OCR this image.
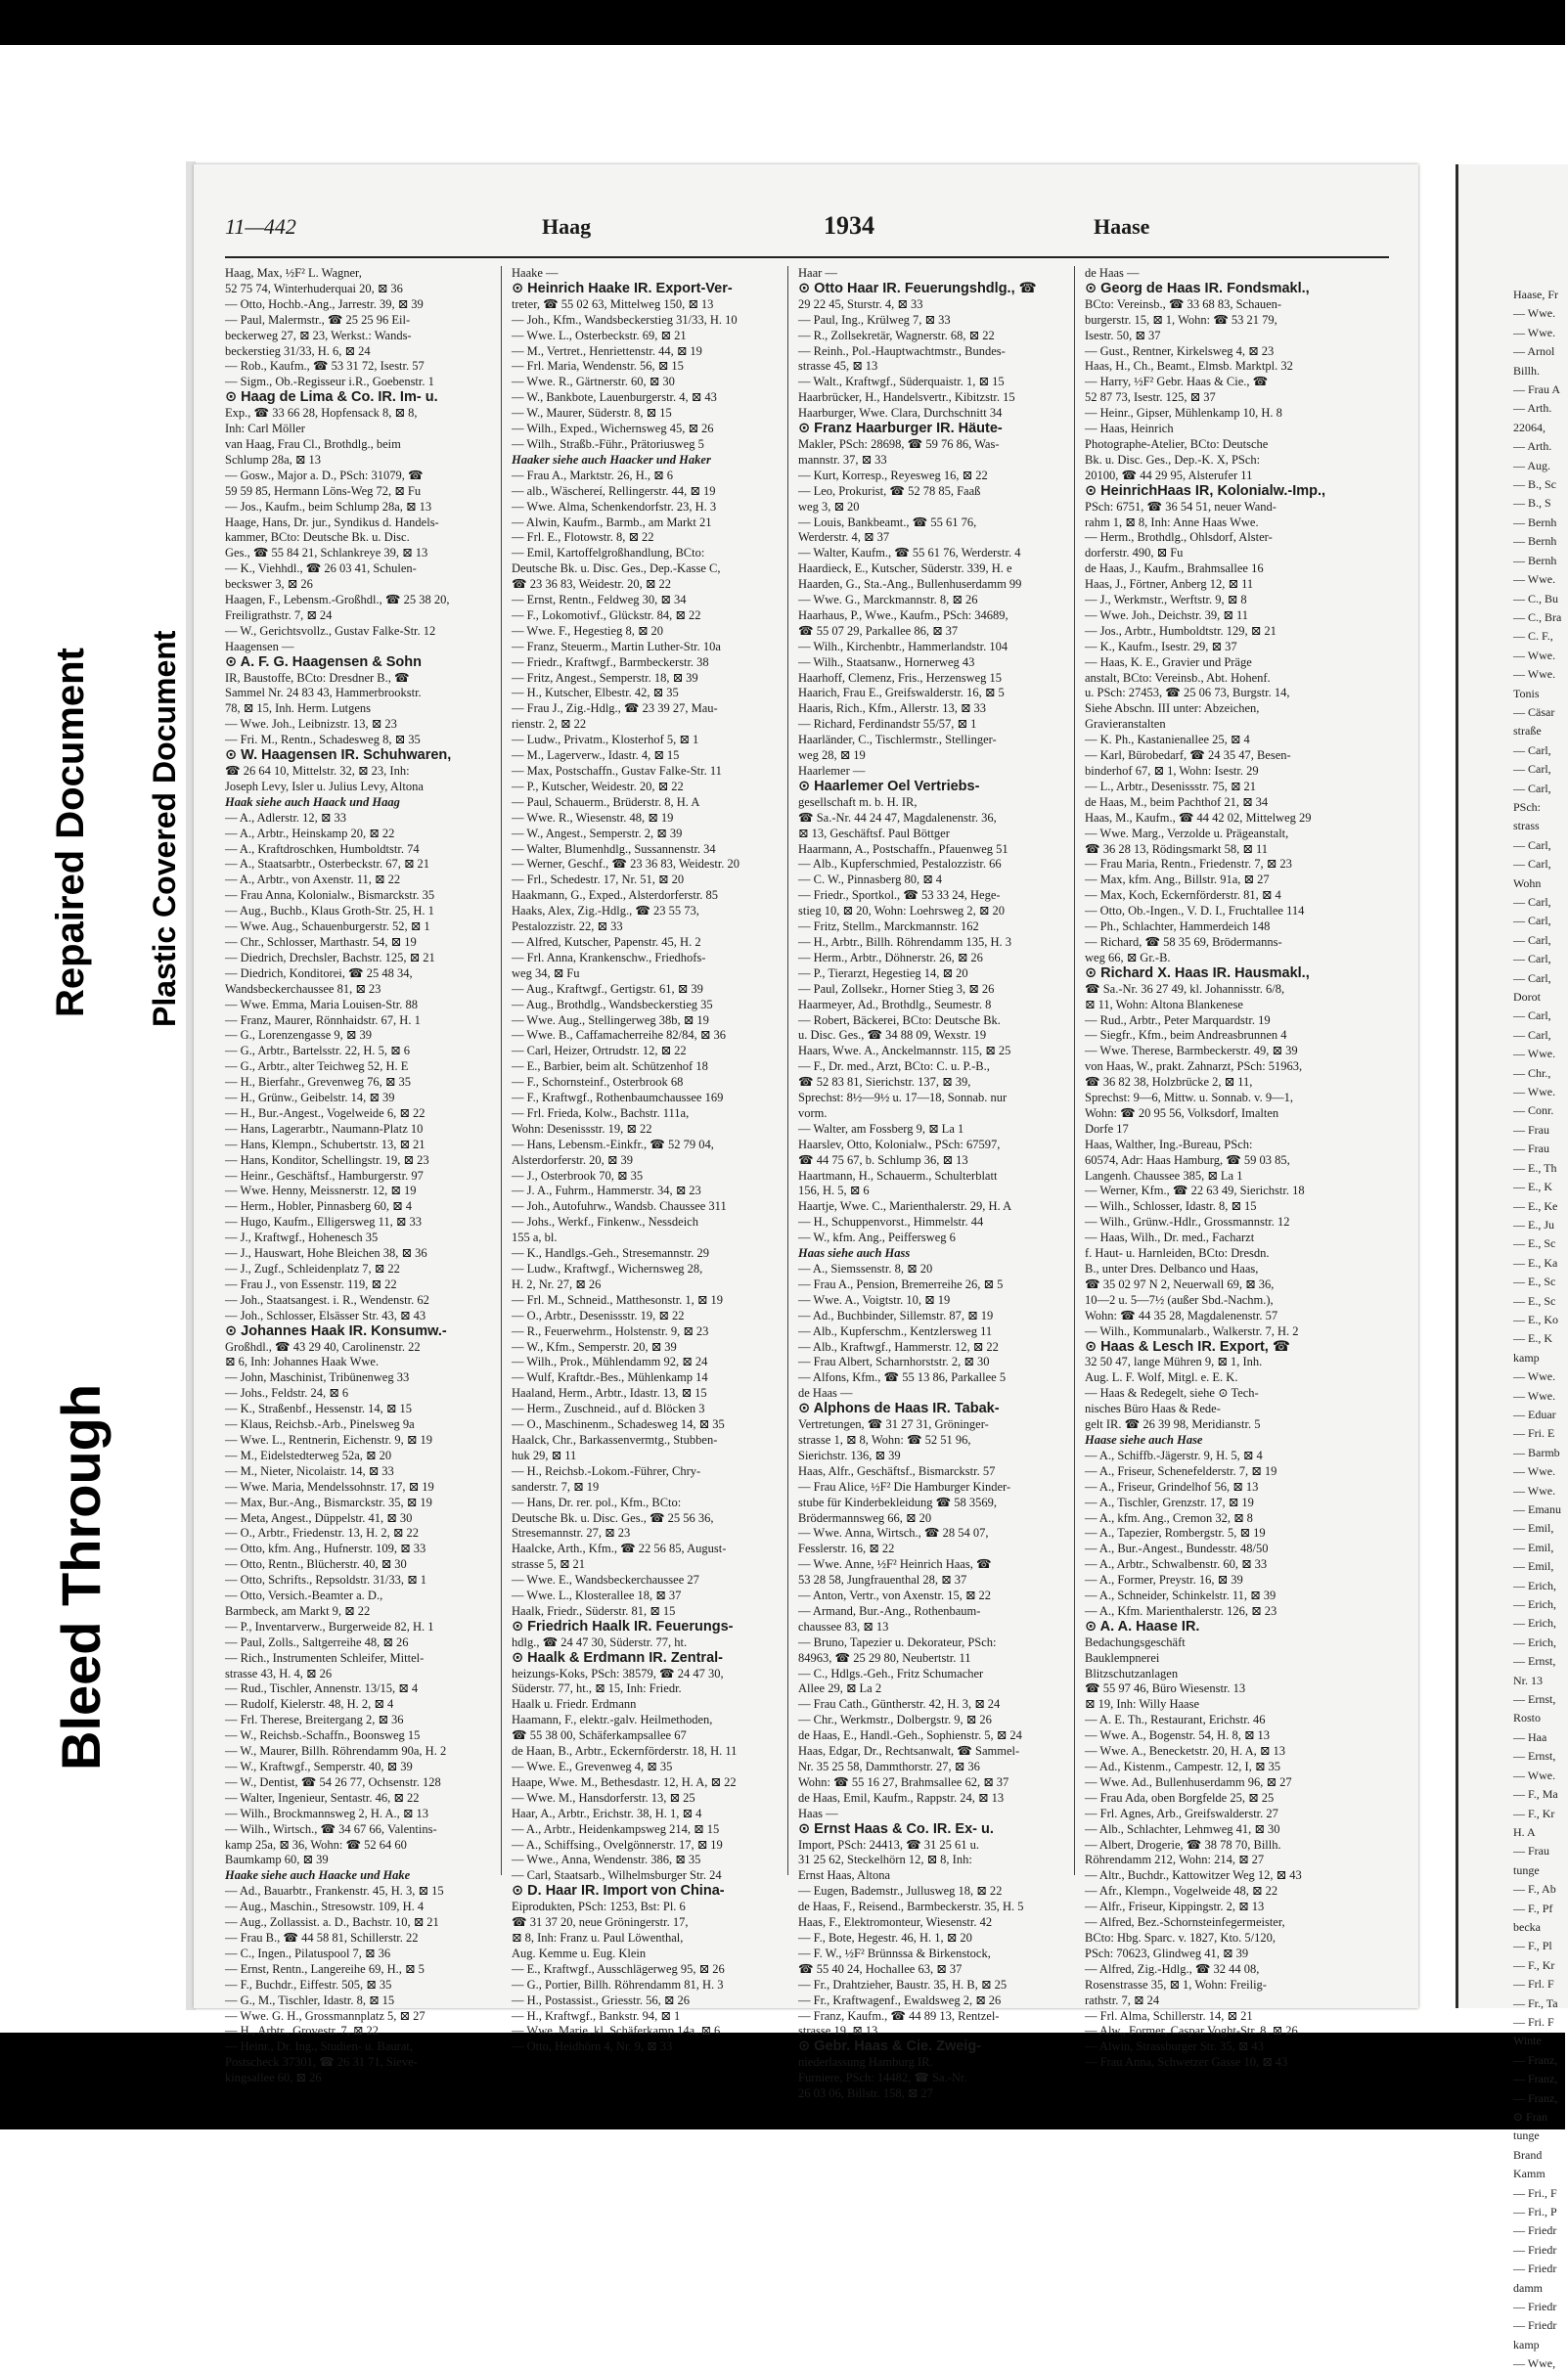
Bleed Through
Repaired Document Plastic Covered Document
11—442	Haag	1934	Haase
Haag, Max, ½F² L. Wagner,
52 75 74, Winterhuderquai 20, ⊠ 36
— Otto, Hochb.-Ang., Jarrestr. 39, ⊠ 39
— Paul, Malermstr., ☎ 25 25 96 Eil-
beckerweg 27, ⊠ 23, Werkst.: Wands-
beckerstieg 31/33, H. 6, ⊠ 24
— Rob., Kaufm., ☎ 53 31 72, Isestr. 57
— Sigm., Ob.-Regisseur i.R., Goebenstr. 1
⊙ Haag de Lima & Co. IR. Im- u.
Exp., ☎ 33 66 28, Hopfensack 8, ⊠ 8,
Inh: Carl Möller
van Haag, Frau Cl., Brothdlg., beim
Schlump 28a, ⊠ 13
— Gosw., Major a. D., PSch: 31079, ☎
59 59 85, Hermann Löns-Weg 72, ⊠ Fu
— Jos., Kaufm., beim Schlump 28a, ⊠ 13
Haage, Hans, Dr. jur., Syndikus d. Handels-
kammer, BCto: Deutsche Bk. u. Disc.
Ges., ☎ 55 84 21, Schlankreye 39, ⊠ 13
— K., Viehhdl., ☎ 26 03 41, Schulen-
beckswег 3, ⊠ 26
Haagen, F., Lebensm.-Großhdl., ☎ 25 38 20,
Freiligrathstr. 7, ⊠ 24
— W., Gerichtsvollz., Gustav Falke-Str. 12
Haagensen —
⊙ A. F. G. Haagensen & Sohn
IR, Baustoffe, BCto: Dresdner B., ☎
Sammel Nr. 24 83 43, Hammerbrookstr.
78, ⊠ 15, Inh. Herm. Lutgens
— Wwe. Joh., Leibnizstr. 13, ⊠ 23
— Fri. M., Rentn., Schadesweg 8, ⊠ 35
⊙ W. Haagensen IR. Schuhwaren,
☎ 26 64 10, Mittelstr. 32, ⊠ 23, Inh:
Joseph Levy, Isler u. Julius Levy, Altona
Haak siehe auch Haack und Haag
— A., Adlerstr. 12, ⊠ 33
— A., Arbtr., Heinskamp 20, ⊠ 22
— A., Kraftdroschken, Humboldtstr. 74
— A., Staatsarbtr., Osterbeckstr. 67, ⊠ 21
— A., Arbtr., von Axenstr. 11, ⊠ 22
— Frau Anna, Kolonialw., Bismarckstr. 35
— Aug., Buchb., Klaus Groth-Str. 25, H. 1
— Wwe. Aug., Schauenburgerstr. 52, ⊠ 1
— Chr., Schlosser, Marthastr. 54, ⊠ 19
— Diedrich, Drechsler, Bachstr. 125, ⊠ 21
— Diedrich, Konditorei, ☎ 25 48 34,
Wandsbeckerchaussee 81, ⊠ 23
— Wwe. Emma, Maria Louisen-Str. 88
— Franz, Maurer, Rönnhaidstr. 67, H. 1
— G., Lorenzengasse 9, ⊠ 39
— G., Arbtr., Bartelsstr. 22, H. 5, ⊠ 6
— G., Arbtr., alter Teichweg 52, H. E
— H., Bierfahr., Grevenweg 76, ⊠ 35
— H., Grünw., Geibelstr. 14, ⊠ 39
— H., Bur.-Angest., Vogelweide 6, ⊠ 22
— Hans, Lagerarbtr., Naumann-Platz 10
— Hans, Klempn., Schubertstr. 13, ⊠ 21
— Hans, Konditor, Schellingstr. 19, ⊠ 23
— Heinr., Geschäftsf., Hamburgerstr. 97
— Wwe. Henny, Meissnerstr. 12, ⊠ 19
— Herm., Hobler, Pinnasberg 60, ⊠ 4
— Hugo, Kaufm., Elligersweg 11, ⊠ 33
— J., Kraftwgf., Hohenesch 35
— J., Hauswart, Hohe Bleichen 38, ⊠ 36
— J., Zugf., Schleidenplatz 7, ⊠ 22
— Frau J., von Essenstr. 119, ⊠ 22
— Joh., Staatsangest. i. R., Wendenstr. 62
— Joh., Schlosser, Elsässer Str. 43, ⊠ 43
⊙ Johannes Haak IR. Konsumw.-
Großhdl., ☎ 43 29 40, Carolinenstr. 22
⊠ 6, Inh: Johannes Haak Wwe.
— John, Maschinist, Tribünenweg 33
— Johs., Feldstr. 24, ⊠ 6
— K., Straßenbf., Hessenstr. 14, ⊠ 15
— Klaus, Reichsb.-Arb., Pinelsweg 9a
— Wwe. L., Rentnerin, Eichenstr. 9, ⊠ 19
— M., Eidelstedterweg 52a, ⊠ 20
— M., Nieter, Nicolaistr. 14, ⊠ 33
— Wwe. Maria, Mendelssohnstr. 17, ⊠ 19
— Max, Bur.-Ang., Bismarckstr. 35, ⊠ 19
— Meta, Angest., Düppelstr. 41, ⊠ 30
— O., Arbtr., Friedenstr. 13, H. 2, ⊠ 22
— Otto, kfm. Ang., Hufnerstr. 109, ⊠ 33
— Otto, Rentn., Blücherstr. 40, ⊠ 30
— Otto, Schrifts., Repsoldstr. 31/33, ⊠ 1
— Otto, Versich.-Beamter a. D.,
Barmbeck, am Markt 9, ⊠ 22
— P., Inventarverw., Burgerweide 82, H. 1
— Paul, Zolls., Saltgerreihe 48, ⊠ 26
— Rich., Instrumenten Schleifer, Mittel-
strasse 43, H. 4, ⊠ 26
— Rud., Tischler, Annenstr. 13/15, ⊠ 4
— Rudolf, Kielerstr. 48, H. 2, ⊠ 4
— Frl. Therese, Breitergang 2, ⊠ 36
— W., Reichsb.-Schaffn., Boonsweg 15
— W., Maurer, Billh. Röhrendamm 90a, H. 2
— W., Kraftwgf., Semperstr. 40, ⊠ 39
— W., Dentist, ☎ 54 26 77, Ochsenstr. 128
— Walter, Ingenieur, Sentastr. 46, ⊠ 22
— Wilh., Brockmannsweg 2, H. A., ⊠ 13
— Wilh., Wirtsch., ☎ 34 67 66, Valentins-
kamp 25a, ⊠ 36, Wohn: ☎ 52 64 60
Baumkamp 60, ⊠ 39
Haake siehe auch Haacke und Hake
— Ad., Bauarbtr., Frankenstr. 45, H. 3, ⊠ 15
— Aug., Maschin., Stresowstr. 109, H. 4
— Aug., Zollassist. a. D., Bachstr. 10, ⊠ 21
— Frau B., ☎ 44 58 81, Schillerstr. 22
— C., Ingen., Pilatuspool 7, ⊠ 36
— Ernst, Rentn., Langereihe 69, H., ⊠ 5
— F., Buchdr., Eiffestr. 505, ⊠ 35
— G., M., Tischler, Idastr. 8, ⊠ 15
— Wwe. G. H., Grossmannplatz 5, ⊠ 27
— H., Arbtr., Grovestr. 7, ⊠ 22
— Heinr., Dr. Ing., Studien- u. Baurat,
Postscheck 37301, ☎ 26 31 71, Sieve-
kingsallee 60, ⊠ 26
Haake —
⊙ Heinrich Haake IR. Export-Ver-
treter, ☎ 55 02 63, Mittelweg 150, ⊠ 13
— Joh., Kfm., Wandsbeckerstieg 31/33, H. 10
— Wwe. L., Osterbeckstr. 69, ⊠ 21
— M., Vertret., Henriettenstr. 44, ⊠ 19
— Frl. Maria, Wendenstr. 56, ⊠ 15
— Wwe. R., Gärtnerstr. 60, ⊠ 30
— W., Bankbote, Lauenburgerstr. 4, ⊠ 43
— W., Maurer, Süderstr. 8, ⊠ 15
— Wilh., Exped., Wichernsweg 45, ⊠ 26
— Wilh., Straßb.-Führ., Prätoriusweg 5
Haaker siehe auch Haacker und Haker
— Frau A., Marktstr. 26, H., ⊠ 6
— alb., Wäschereí, Rellingerstr. 44, ⊠ 19
— Wwe. Alma, Schenkendorfstr. 23, H. 3
— Alwin, Kaufm., Barmb., am Markt 21
— Frl. E., Flotowstr. 8, ⊠ 22
— Emil, Kartoffelgroßhandlung, BCto:
Deutsche Bk. u. Disc. Ges., Dep.-Kasse C,
☎ 23 36 83, Weidestr. 20, ⊠ 22
— Ernst, Rentn., Feldweg 30, ⊠ 34
— F., Lokomotivf., Glückstr. 84, ⊠ 22
— Wwe. F., Hegestieg 8, ⊠ 20
— Franz, Steuerm., Martin Luther-Str. 10a
— Friedr., Kraftwgf., Barmbeckerstr. 38
— Fritz, Angest., Semperstr. 18, ⊠ 39
— H., Kutscher, Elbestr. 42, ⊠ 35
— Frau J., Zig.-Hdlg., ☎ 23 39 27, Mau-
rienstr. 2, ⊠ 22
— Ludw., Privatm., Klosterhof 5, ⊠ 1
— M., Lagerverw., Idastr. 4, ⊠ 15
— Max, Postschaffn., Gustav Falke-Str. 11
— P., Kutscher, Weidestr. 20, ⊠ 22
— Paul, Schauerm., Brüderstr. 8, H. A
— Wwe. R., Wiesenstr. 48, ⊠ 19
— W., Angest., Semperstr. 2, ⊠ 39
— Walter, Blumenhdlg., Sussannenstr. 34
— Werner, Geschf., ☎ 23 36 83, Weidestr. 20
— Frl., Schedestr. 17, Nr. 51, ⊠ 20
Haakmann, G., Exped., Alsterdorferstr. 85
Haaks, Alex, Zig.-Hdlg., ☎ 23 55 73,
Pestalozzistr. 22, ⊠ 33
— Alfred, Kutscher, Papenstr. 45, H. 2
— Frl. Anna, Krankenschw., Friedhofs-
weg 34, ⊠ Fu
— Aug., Kraftwgf., Gertigstr. 61, ⊠ 39
— Aug., Brothdlg., Wandsbeckerstieg 35
— Wwe. Aug., Stellingerweg 38b, ⊠ 19
— Wwe. B., Caffamacherreihe 82/84, ⊠ 36
— Carl, Heizer, Ortrudstr. 12, ⊠ 22
— E., Barbier, beim alt. Schützenhof 18
— F., Schornsteinf., Osterbrook 68
— F., Kraftwgf., Rothenbaumchaussee 169
— Frl. Frieda, Kolw., Bachstr. 111a,
Wohn: Desenissstr. 19, ⊠ 22
— Hans, Lebensm.-Einkfr., ☎ 52 79 04,
Alsterdorferstr. 20, ⊠ 39
— J., Osterbrook 70, ⊠ 35
— J. A., Fuhrm., Hammerstr. 34, ⊠ 23
— Joh., Autofuhrw., Wandsb. Chaussee 311
— Johs., Werkf., Finkenw., Nessdeich
155 a, bl.
— K., Handlgs.-Geh., Stresemannstr. 29
— Ludw., Kraftwgf., Wichernsweg 28,
H. 2, Nr. 27, ⊠ 26
— Frl. M., Schneid., Matthesonstr. 1, ⊠ 19
— O., Arbtr., Desenissstr. 19, ⊠ 22
— R., Feuerwehrm., Holstenstr. 9, ⊠ 23
— W., Kfm., Semperstr. 20, ⊠ 39
— Wilh., Prok., Mühlendamm 92, ⊠ 24
— Wulf, Kraftdr.-Bes., Mühlenkamp 14
Haaland, Herm., Arbtr., Idastr. 13, ⊠ 15
— Herm., Zuschneid., auf d. Blöcken 3
— O., Maschinenm., Schadesweg 14, ⊠ 35
Haalck, Chr., Barkassenvermtg., Stubben-
huk 29, ⊠ 11
— H., Reichsb.-Lokom.-Führer, Chry-
sanderstr. 7, ⊠ 19
— Hans, Dr. rer. pol., Kfm., BCto:
Deutsche Bk. u. Disc. Ges., ☎ 25 56 36,
Stresemannstr. 27, ⊠ 23
Haalcke, Arth., Kfm., ☎ 22 56 85, August-
strasse 5, ⊠ 21
— Wwe. E., Wandsbeckerchaussee 27
— Wwe. L., Klosterallee 18, ⊠ 37
Haalk, Friedr., Süderstr. 81, ⊠ 15
⊙ Friedrich Haalk IR. Feuerungs-
hdlg., ☎ 24 47 30, Süderstr. 77, ht.
⊙ Haalk & Erdmann IR. Zentral-
heizungs-Koks, PSch: 38579, ☎ 24 47 30,
Süderstr. 77, ht., ⊠ 15, Inh: Friedr.
Haalk u. Friedr. Erdmann
Haamann, F., elektr.-galv. Heilmethoden,
☎ 55 38 00, Schäferkampsallee 67
de Haan, B., Arbtr., Eckernförderstr. 18, H. 11
— Wwe. E., Grevenweg 4, ⊠ 35
Haape, Wwe. M., Bethesdastr. 12, H. A, ⊠ 22
— Wwe. M., Hansdorferstr. 13, ⊠ 25
Haar, A., Arbtr., Erichstr. 38, H. 1, ⊠ 4
— A., Arbtr., Heidenkampsweg 214, ⊠ 15
— A., Schiffsing., Ovelgönnerstr. 17, ⊠ 19
— Wwe., Anna, Wendenstr. 386, ⊠ 35
— Carl, Staatsarb., Wilhelmsburger Str. 24
⊙ D. Haar IR. Import von China-
Eiprodukten, PSch: 1253, Bst: Pl. 6
☎ 31 37 20, neue Gröningerstr. 17,
⊠ 8, Inh: Franz u. Paul Löwenthal,
Aug. Kemme u. Eug. Klein
— E., Kraftwgf., Ausschlägerweg 95, ⊠ 26
— G., Portier, Billh. Röhrendamm 81, H. 3
— H., Postassist., Griesstr. 56, ⊠ 26
— H., Kraftwgf., Bankstr. 94, ⊠ 1
— Wwe. Marie, kl. Schäferkamp 14a, ⊠ 6
— Otto, Heidhörn 4, Nr. 9, ⊠ 33
Haar —
⊙ Otto Haar IR. Feuerungshdlg., ☎
29 22 45, Sturstr. 4, ⊠ 33
— Paul, Ing., Krülweg 7, ⊠ 33
— R., Zollsekretär, Wagnerstr. 68, ⊠ 22
— Reinh., Pol.-Hauptwachtmstr., Bundes-
strasse 45, ⊠ 13
— Walt., Kraftwgf., Süderquaistr. 1, ⊠ 15
Haarbrücker, H., Handelsvertr., Kibitzstr. 15
Haarburger, Wwe. Clara, Durchschnitt 34
⊙ Franz Haarburger IR. Häute-
Makler, PSch: 28698, ☎ 59 76 86, Was-
mannstr. 37, ⊠ 33
— Kurt, Korresp., Reyesweg 16, ⊠ 22
— Leo, Prokurist, ☎ 52 78 85, Faaß
weg 3, ⊠ 20
— Louis, Bankbeamt., ☎ 55 61 76,
Werderstr. 4, ⊠ 37
— Walter, Kaufm., ☎ 55 61 76, Werderstr. 4
Haardieck, E., Kutscher, Süderstr. 339, H. e
Haarden, G., Sta.-Ang., Bullenhuserdamm 99
— Wwe. G., Marckmannstr. 8, ⊠ 26
Haarhaus, P., Wwe., Kaufm., PSch: 34689,
☎ 55 07 29, Parkallee 86, ⊠ 37
— Wilh., Kirchenbtr., Hammerlandstr. 104
— Wilh., Staatsanw., Hornerweg 43
Haarhoff, Clemenz, Fris., Herzensweg 15
Haarich, Frau E., Greifswalderstr. 16, ⊠ 5
Haaris, Rich., Kfm., Allerstr. 13, ⊠ 33
— Richard, Ferdinandstr 55/57, ⊠ 1
Haarländer, C., Tischlermstr., Stellinger-
weg 28, ⊠ 19
Haarlemer —
⊙ Haarlemer Oel Vertriebs-
gesellschaft m. b. H. IR,
☎ Sa.-Nr. 44 24 47, Magdalenenstr. 36,
⊠ 13, Geschäftsf. Paul Böttger
Haarmann, A., Postschaffn., Pfauenweg 51
— Alb., Kupferschmied, Pestalozzistr. 66
— C. W., Pinnasberg 80, ⊠ 4
— Friedr., Sportkol., ☎ 53 33 24, Hege-
stieg 10, ⊠ 20, Wohn: Loehrsweg 2, ⊠ 20
— Fritz, Stellm., Marckmannstr. 162
— H., Arbtr., Billh. Röhrendamm 135, H. 3
— Herm., Arbtr., Döhnerstr. 26, ⊠ 26
— P., Tierarzt, Hegestieg 14, ⊠ 20
— Paul, Zollsekr., Horner Stieg 3, ⊠ 26
Haarmeyer, Ad., Brothdlg., Seumestr. 8
— Robert, Bäckerei, BCto: Deutsche Bk.
u. Disc. Ges., ☎ 34 88 09, Wexstr. 19
Haars, Wwe. A., Anckelmannstr. 115, ⊠ 25
— F., Dr. med., Arzt, BCto: C. u. P.-B.,
☎ 52 83 81, Sierichstr. 137, ⊠ 39,
Sprechst: 8½—9½ u. 17—18, Sonnab. nur
vorm.
— Walter, am Fossberg 9, ⊠ La 1
Haarslev, Otto, Kolonialw., PSch: 67597,
☎ 44 75 67, b. Schlump 36, ⊠ 13
Haartmann, H., Schauerm., Schulterblatt
156, H. 5, ⊠ 6
Haartje, Wwe. C., Marienthalerstr. 29, H. A
— H., Schuppenvorst., Himmelstr. 44
— W., kfm. Ang., Peiffersweg 6
Haas siehe auch Hass
— A., Siemssenstr. 8, ⊠ 20
— Frau A., Pension, Bremerreihe 26, ⊠ 5
— Wwe. A., Voigtstr. 10, ⊠ 19
— Ad., Buchbinder, Sillemstr. 87, ⊠ 19
— Alb., Kupferschm., Kentzlersweg 11
— Alb., Kraftwgf., Hammerstr. 12, ⊠ 22
— Frau Albert, Scharnhorststr. 2, ⊠ 30
— Alfons, Kfm., ☎ 55 13 86, Parkallee 5
de Haas —
⊙ Alphons de Haas IR. Tabak-
Vertretungen, ☎ 31 27 31, Gröninger-
strasse 1, ⊠ 8, Wohn: ☎ 52 51 96,
Sierichstr. 136, ⊠ 39
Haas, Alfr., Geschäftsf., Bismarckstr. 57
— Frau Alice, ½F² Die Hamburger Kinder-
stube für Kinderbekleidung ☎ 58 3569,
Brödermannsweg 66, ⊠ 20
— Wwe. Anna, Wirtsch., ☎ 28 54 07,
Fesslerstr. 16, ⊠ 22
— Wwe. Anne, ½F² Heinrich Haas, ☎
53 28 58, Jungfrauenthal 28, ⊠ 37
— Anton, Vertr., von Axenstr. 15, ⊠ 22
— Armand, Bur.-Ang., Rothenbaum-
chaussee 83, ⊠ 13
— Bruno, Tapezier u. Dekorateur, PSch:
84963, ☎ 25 29 80, Neubertstr. 11
— C., Hdlgs.-Geh., Fritz Schumacher
Allee 29, ⊠ La 2
— Frau Cath., Güntherstr. 42, H. 3, ⊠ 24
— Chr., Werkmstr., Dolbergstr. 9, ⊠ 26
de Haas, E., Handl.-Geh., Sophienstr. 5, ⊠ 24
Haas, Edgar, Dr., Rechtsanwalt, ☎ Sammel-
Nr. 35 25 58, Dammthorstr. 27, ⊠ 36
Wohn: ☎ 55 16 27, Brahmsallee 62, ⊠ 37
de Haas, Emil, Kaufm., Rappstr. 24, ⊠ 13
Haas —
⊙ Ernst Haas & Co. IR. Ex- u.
Import, PSch: 24413, ☎ 31 25 61 u.
31 25 62, Steckelhörn 12, ⊠ 8, Inh:
Ernst Haas, Altona
— Eugen, Bademstr., Jullusweg 18, ⊠ 22
de Haas, F., Reisend., Barmbeckerstr. 35, H. 5
Haas, F., Elektromonteur, Wiesenstr. 42
— F., Bote, Hegestr. 46, H. 1, ⊠ 20
— F. W., ½F² Brünnssa & Birkenstock,
☎ 55 40 24, Hochallee 63, ⊠ 37
— Fr., Drahtzieher, Baustr. 35, H. B, ⊠ 25
— Fr., Kraftwagenf., Ewaldsweg 2, ⊠ 26
— Franz, Kaufm., ☎ 44 89 13, Rentzel-
strasse 19, ⊠ 13
⊙ Gebr. Haas & Cie. Zweig-
niederlassung Hamburg IR.
Furniere, PSch: 14482, ☎ Sa.-Nr.
26 03 06, Billstr. 158, ⊠ 27
de Haas —
⊙ Georg de Haas IR. Fondsmakl.,
BCto: Vereinsb., ☎ 33 68 83, Schauen-
burgerstr. 15, ⊠ 1, Wohn: ☎ 53 21 79,
Isestr. 50, ⊠ 37
— Gust., Rentner, Kirkelsweg 4, ⊠ 23
Haas, H., Ch., Beamt., Elmsb. Marktpl. 32
— Harry, ½F² Gebr. Haas & Cie., ☎
52 87 73, Isestr. 125, ⊠ 37
— Heinr., Gipser, Mühlenkamp 10, H. 8
— Haas, Heinrich
Photographe-Atelier, BCto: Deutsche
Bk. u. Disc. Ges., Dep.-K. X, PSch:
20100, ☎ 44 29 95, Alsterufer 11
⊙ HeinrichHaas IR, Kolonialw.-Imp.,
PSch: 6751, ☎ 36 54 51, neuer Wand-
rahm 1, ⊠ 8, Inh: Anne Haas Wwe.
— Herm., Brothdlg., Ohlsdorf, Alster-
dorferstr. 490, ⊠ Fu
de Haas, J., Kaufm., Brahmsallee 16
Haas, J., Förtner, Anberg 12, ⊠ 11
— J., Werkmstr., Werftstr. 9, ⊠ 8
— Wwe. Joh., Deichstr. 39, ⊠ 11
— Jos., Arbtr., Humboldtstr. 129, ⊠ 21
— K., Kaufm., Isestr. 29, ⊠ 37
— Haas, K. E., Gravier und Präge
anstalt, BCto: Vereinsb., Abt. Hohenf.
u. PSch: 27453, ☎ 25 06 73, Burgstr. 14,
Siehe Abschn. III unter: Abzeichen,
Gravieranstalten
— K. Ph., Kastanienallee 25, ⊠ 4
— Karl, Bürobedarf, ☎ 24 35 47, Besen-
binderhof 67, ⊠ 1, Wohn: Isestr. 29
— L., Arbtr., Desenissstr. 75, ⊠ 21
de Haas, M., beim Pachthof 21, ⊠ 34
Haas, M., Kaufm., ☎ 44 42 02, Mittelweg 29
— Wwe. Marg., Verzolde u. Prägeanstalt,
☎ 36 28 13, Rödingsmarkt 58, ⊠ 11
— Frau Maria, Rentn., Friedenstr. 7, ⊠ 23
— Max, kfm. Ang., Billstr. 91a, ⊠ 27
— Max, Koch, Eckernförderstr. 81, ⊠ 4
— Otto, Ob.-Ingen., V. D. I., Fruchtallee 114
— Ph., Schlachter, Hammerdeich 148
— Richard, ☎ 58 35 69, Brödermanns-
weg 66, ⊠ Gr.-B.
⊙ Richard X. Haas IR. Hausmakl.,
☎ Sa.-Nr. 36 27 49, kl. Johannisstr. 6/8,
⊠ 11, Wohn: Altona Blankenese
— Rud., Arbtr., Peter Marquardstr. 19
— Siegfr., Kfm., beim Andreasbrunnen 4
— Wwe. Therese, Barmbeckerstr. 49, ⊠ 39
von Haas, W., prakt. Zahnarzt, PSch: 51963,
☎ 36 82 38, Holzbrücke 2, ⊠ 11,
Sprechst: 9—6, Mittw. u. Sonnab. v. 9—1,
Wohn: ☎ 20 95 56, Volksdorf, Imalten
Dorfe 17
Haas, Walther, Ing.-Bureau, PSch:
60574, Adr: Haas Hamburg, ☎ 59 03 85,
Langenh. Chaussee 385, ⊠ La 1
— Werner, Kfm., ☎ 22 63 49, Sierichstr. 18
— Wilh., Schlosser, Idastr. 8, ⊠ 15
— Wilh., Grünw.-Hdlr., Grossmannstr. 12
— Haas, Wilh., Dr. med., Facharzt
f. Haut- u. Harnleiden, BCto: Dresdn.
B., unter Dres. Delbanco und Haas,
☎ 35 02 97 N 2, Neuerwall 69, ⊠ 36,
10—2 u. 5—7½ (außer Sbd.-Nachm.),
Wohn: ☎ 44 35 28, Magdalenenstr. 57
— Wilh., Kommunalarb., Walkerstr. 7, H. 2
⊙ Haas & Lesch IR. Export, ☎
32 50 47, lange Mühren 9, ⊠ 1, Inh.
Aug. L. F. Wolf, Mitgl. e. E. K.
— Haas & Redegelt, siehe ⊙ Tech-
nisches Büro Haas & Rede-
gelt IR. ☎ 26 39 98, Meridianstr. 5
Haase siehe auch Hase
— A., Schiffb.-Jägerstr. 9, H. 5, ⊠ 4
— A., Friseur, Schenefelderstr. 7, ⊠ 19
— A., Friseur, Grindelhof 56, ⊠ 13
— A., Tischler, Grenzstr. 17, ⊠ 19
— A., kfm. Ang., Cremon 32, ⊠ 8
— A., Tapezier, Rombergstr. 5, ⊠ 19
— A., Bur.-Angest., Bundesstr. 48/50
— A., Arbtr., Schwalbenstr. 60, ⊠ 33
— A., Former, Preystr. 16, ⊠ 39
— A., Schneider, Schinkelstr. 11, ⊠ 39
— A., Kfm. Marienthalerstr. 126, ⊠ 23
⊙ A. A. Haase IR.
Bedachungsgeschäft
Bauklempnerei
Blitzschutzanlagen
☎ 55 97 46, Büro Wiesenstr. 13
⊠ 19, Inh: Willy Haase
— A. E. Th., Restaurant, Erichstr. 46
— Wwe. A., Bogenstr. 54, H. 8, ⊠ 13
— Wwe. A., Benecketstr. 20, H. A, ⊠ 13
— Ad., Kistenm., Campestr. 12, I, ⊠ 35
— Wwe. Ad., Bullenhuserdamm 96, ⊠ 27
— Frau Ada, oben Borgfelde 25, ⊠ 25
— Frl. Agnes, Arb., Greifswalderstr. 27
— Alb., Schlachter, Lehmweg 41, ⊠ 30
— Albert, Drogerie, ☎ 38 78 70, Billh.
Röhrendamm 212, Wohn: 214, ⊠ 27
— Altr., Buchdr., Kattowitzer Weg 12, ⊠ 43
— Afr., Klempn., Vogelweide 48, ⊠ 22
— Alfr., Friseur, Kippingstr. 2, ⊠ 13
— Alfred, Bez.-Schornsteinfegermeister,
BCto: Hbg. Sparc. v. 1827, Kto. 5/120,
PSch: 70623, Glindweg 41, ⊠ 39
— Alfred, Zig.-Hdlg., ☎ 32 44 08,
Rosenstrasse 35, ⊠ 1, Wohn: Freilig-
rathstr. 7, ⊠ 24
— Frl. Alma, Schillerstr. 14, ⊠ 21
— Alw., Former, Caspar Voght-Str. 8, ⊠ 26
— Alwin, Strassburger Str. 35, ⊠ 43
— Frau Anna, Schwetzer Gasse 10, ⊠ 43
Haase, Fr
— Wwe.
— Wwe.
— Arnol
Billh.
— Frau A
— Arth.
22064,
— Arth.
— Aug.
— B., Sc
— B., S
— Bernh
— Bernh
— Bernh
— Wwe.
— C., Bu
— C., Bra
— C. F.,
— Wwe.
— Wwe.
Tonis
— Cäsar
straße
— Carl,
— Carl,
— Carl,
PSch:
strass
— Carl,
— Carl,
Wohn
— Carl,
— Carl,
— Carl,
— Carl,
— Carl,
Dorot
— Carl,
— Carl,
— Wwe.
— Chr.,
— Wwe.
— Conr.
— Frau
— Frau
— E., Th
— E., K
— E., Ke
— E., Ju
— E., Sc
— E., Ka
— E., Sc
— E., Sc
— E., Ko
— E., K
kamp
— Wwe.
— Wwe.
— Eduar
— Fri. E
— Barmb
— Wwe.
— Wwe.
— Emanu
— Emil,
— Emil,
— Emil,
— Erich,
— Erich,
— Erich,
— Erich,
— Ernst,
Nr. 13
— Ernst,
Rosto
— Haa
— Ernst,
— Wwe.
— F., Ma
— F., Kr
H. A
— Frau
tunge
— F., Ab
— F., Pf
becka
— F., Pl
— F., Kr
— Frl. F
— Fr., Ta
— Fri. F
Winte
— Franz,
— Franz,
— Franz,
⊙ Fran
tunge
Brand
Kamm
— Fri., F
— Fri., P
— Friedr
— Friedr
— Friedr
damm
— Friedr
— Friedr
kamp
— Wwe,
